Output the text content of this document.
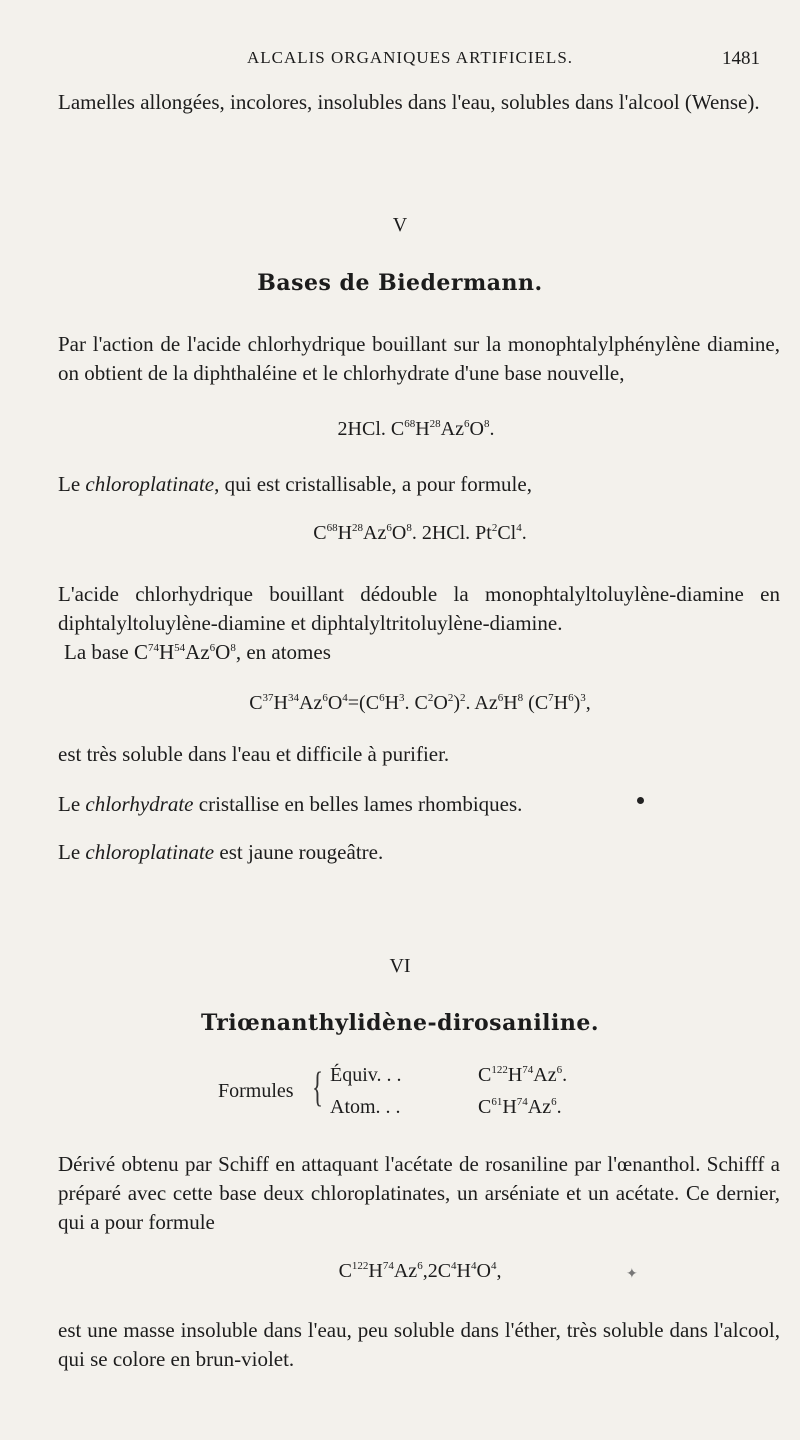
ALCALIS ORGANIQUES ARTIFICIELS.	1481

Lamelles allongées, incolores, insolubles dans l'eau, solubles dans l'alcool (Wense).

V
Bases de Biedermann.

Par l'action de l'acide chlorhydrique bouillant sur la monophtalylphénylène diamine, on obtient de la diphthaléine et le chlorhydrate d'une base nouvelle,

2HCl. $C^{68}H^{28}Az^6O^8$.

Le chloroplatinate, qui est cristallisable, a pour formule,

$C^{68}H^{28}Az^6O^8$. 2HCl. Pt$^2$Cl$^4$.

L'acide chlorhydrique bouillant dédouble la monophtalyltoluylène-diamine en diphtalyltoluylène-diamine et diphtalyltritoluylène-diamine.

La base $C^{74}H^{54}Az^6O^8$, en atomes

$C^{37}H^{34}Az^6O^4=(C^6H^3$. $C^2O^2)^2$. $Az^6H^8$ $(C^7H^6)^3$,

est très soluble dans l'eau et difficile à purifier.

Le chlorhydrate cristallise en belles lames rhombiques.

Le chloroplatinate est jaune rougeâtre.

VI
Triœnanthylidène-dirosaniline.
Formules { Équiv. . .	$C^{122}H^{74}Az^6$.
Atom. . .	$C^{61}H^{74}Az^6$.

Dérivé obtenu par Schiff en attaquant l'acétate de rosaniline par l'œnanthol. Schifff a préparé avec cette base deux chloroplatinates, un arséniate et un acétate. Ce dernier, qui a pour formule

✦
$C^{122}H^{74}Az^6,2C^4H^4O^4$,

est une masse insoluble dans l'eau, peu soluble dans l'éther, très soluble dans l'alcool, qui se colore en brun-violet.
